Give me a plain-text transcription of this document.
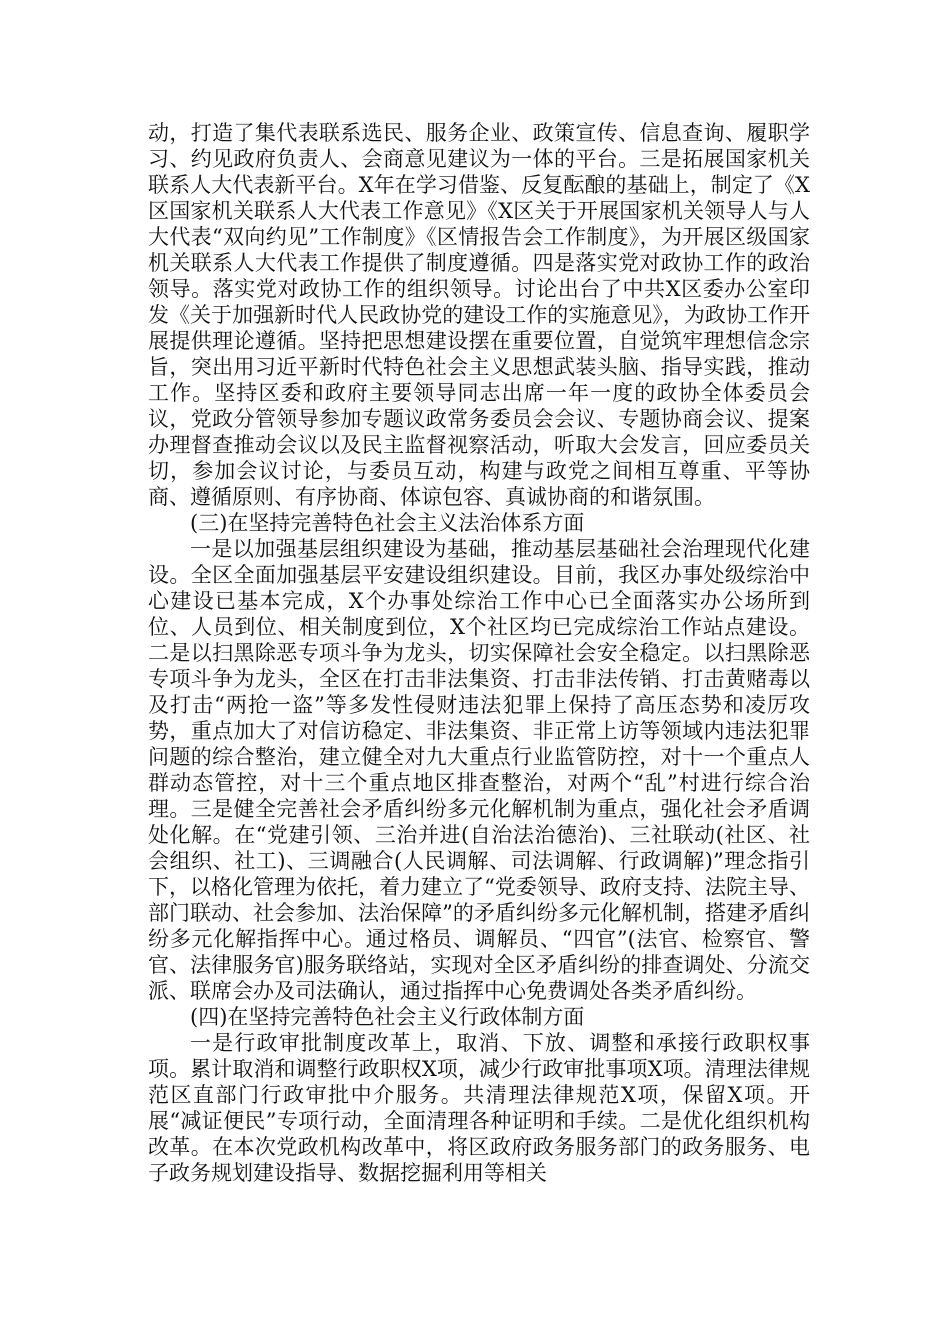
动，打造了集代表联系选民、服务企业、政策宣传、信息查询、履职学习、约见政府负责人、会商意见建议为一体的平台。三是拓展国家机关联系人大代表新平台。X年在学习借鉴、反复酝酿的基础上，制定了《X区国家机关联系人大代表工作意见》《X区关于开展国家机关领导人与人大代表“双向约见”工作制度》《区情报告会工作制度》，为开展区级国家机关联系人大代表工作提供了制度遵循。四是落实党对政协工作的政治领导。落实党对政协工作的组织领导。讨论出台了中共X区委办公室印发《关于加强新时代人民政协党的建设工作的实施意见》，为政协工作开展提供理论遵循。坚持把思想建设摆在重要位置，自觉筑牢理想信念宗旨，突出用习近平新时代特色社会主义思想武装头脑、指导实践，推动工作。坚持区委和政府主要领导同志出席一年一度的政协全体委员会议，党政分管领导参加专题议政常务委员会会议、专题协商会议、提案办理督查推动会议以及民主监督视察活动，听取大会发言，回应委员关切，参加会议讨论，与委员互动，构建与政党之间相互尊重、平等协商、遵循原则、有序协商、体谅包容、真诚协商的和谐氛围。

(三)在坚持完善特色社会主义法治体系方面

一是以加强基层组织建设为基础，推动基层基础社会治理现代化建设。全区全面加强基层平安建设组织建设。目前，我区办事处级综治中心建设已基本完成，X个办事处综治工作中心已全面落实办公场所到位、人员到位、相关制度到位，X个社区均已完成综治工作站点建设。二是以扫黑除恶专项斗争为龙头，切实保障社会安全稳定。以扫黑除恶专项斗争为龙头，全区在打击非法集资、打击非法传销、打击黄赌毒以及打击“两抢一盗”等多发性侵财违法犯罪上保持了高压态势和凌厉攻势，重点加大了对信访稳定、非法集资、非正常上访等领域内违法犯罪问题的综合整治，建立健全对九大重点行业监管防控，对十一个重点人群动态管控，对十三个重点地区排查整治，对两个“乱”村进行综合治理。三是健全完善社会矛盾纠纷多元化解机制为重点，强化社会矛盾调处化解。在“党建引领、三治并进(自治法治德治)、三社联动(社区、社会组织、社工)、三调融合(人民调解、司法调解、行政调解)”理念指引下，以格化管理为依托，着力建立了“党委领导、政府支持、法院主导、部门联动、社会参加、法治保障”的矛盾纠纷多元化解机制，搭建矛盾纠纷多元化解指挥中心。通过格员、调解员、“四官”(法官、检察官、警官、法律服务官)服务联络站，实现对全区矛盾纠纷的排查调处、分流交派、联席会办及司法确认，通过指挥中心免费调处各类矛盾纠纷。

(四)在坚持完善特色社会主义行政体制方面

一是行政审批制度改革上，取消、下放、调整和承接行政职权事项。累计取消和调整行政职权X项，减少行政审批事项X项。清理法律规范区直部门行政审批中介服务。共清理法律规范X项，保留X项。开展“减证便民”专项行动，全面清理各种证明和手续。二是优化组织机构改革。在本次党政机构改革中，将区政府政务服务部门的政务服务、电子政务规划建设指导、数据挖掘利用等相关
